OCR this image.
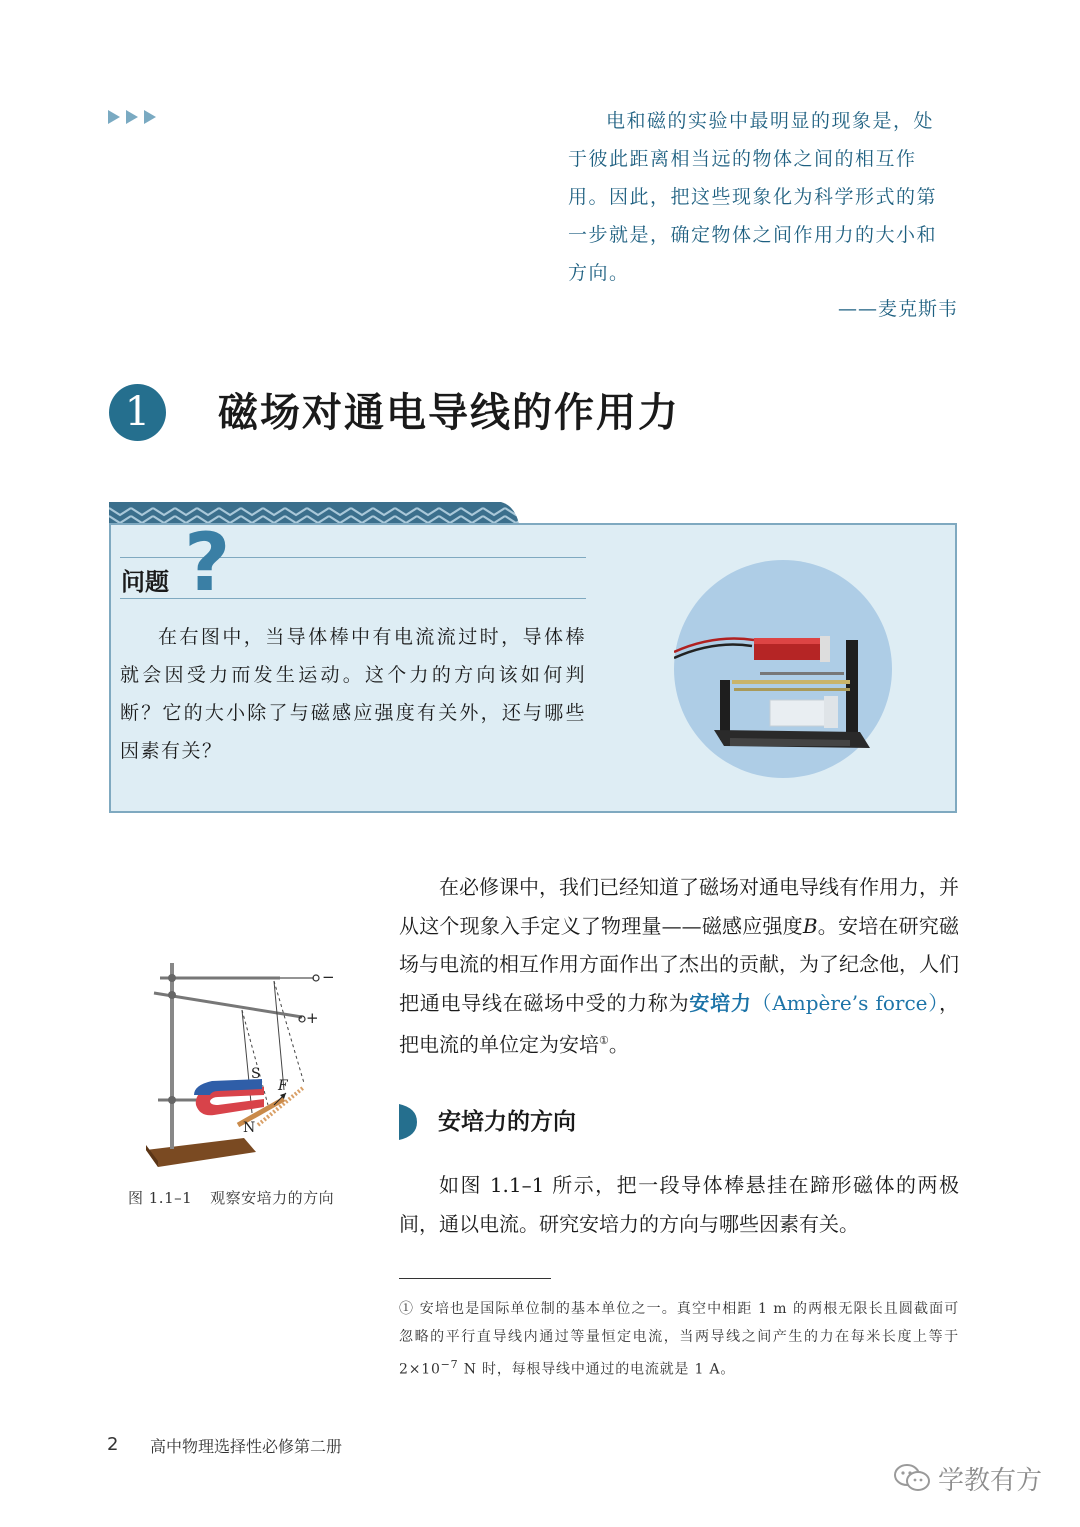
电和磁的实验中最明显的现象是，处
于彼此距离相当远的物体之间的相互作
用。因此，把这些现象化为科学形式的第
一步就是，确定物体之间作用力的大小和
方向。
——麦克斯韦
1	磁场对通电导线的作用力
问题 ?

在右图中，当导体棒中有电流流过时，导体棒就会因受力而发生运动。这个力的方向该如何判断？它的大小除了与磁感应强度有关外，还与哪些因素有关？

−
+
S
N
F
图 1.1–1 观察安培力的方向

在必修课中，我们已经知道了磁场对通电导线有作用力，并从这个现象入手定义了物理量——磁感应强度B。安培在研究磁场与电流的相互作用方面作出了杰出的贡献，为了纪念他，人们把通电导线在磁场中受的力称为安培力（Ampère’s force），把电流的单位定为安培①。

安培力的方向

如图 1.1–1 所示，把一段导体棒悬挂在蹄形磁体的两极间，通以电流。研究安培力的方向与哪些因素有关。

① 安培也是国际单位制的基本单位之一。真空中相距 1 m 的两根无限长且圆截面可忽略的平行直导线内通过等量恒定电流，当两导线之间产生的力在每米长度上等于 $2\times 10^{-7}$ N 时，每根导线中通过的电流就是 1 A。
2 高中物理选择性必修第二册
学教有方
